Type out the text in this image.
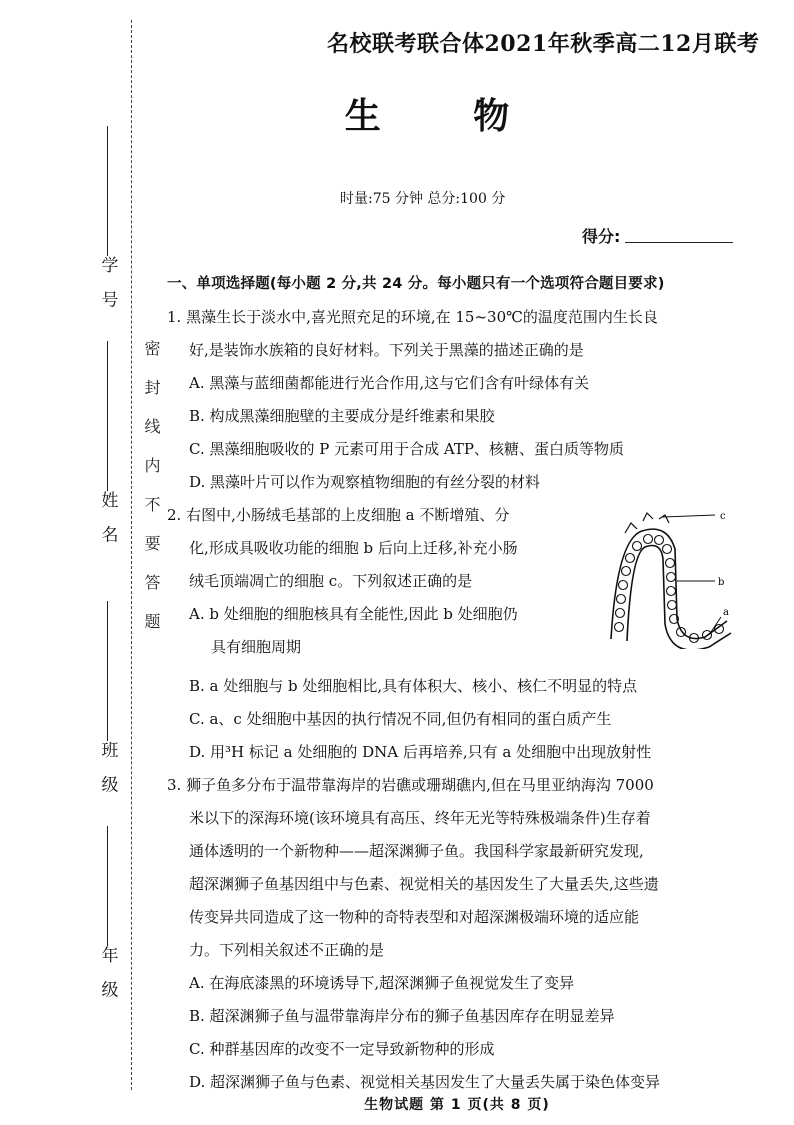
学 号
姓 名
班 级
年 级
密封线内不要答题
名校联考联合体2021年秋季高二12月联考
生 物
时量:75 分钟 总分:100 分
得分:
一、单项选择题(每小题 2 分,共 24 分。每小题只有一个选项符合题目要求)
1. 黑藻生长于淡水中,喜光照充足的环境,在 15~30℃的温度范围内生长良
好,是装饰水族箱的良好材料。下列关于黑藻的描述正确的是
A. 黑藻与蓝细菌都能进行光合作用,这与它们含有叶绿体有关
B. 构成黑藻细胞壁的主要成分是纤维素和果胶
C. 黑藻细胞吸收的 P 元素可用于合成 ATP、核糖、蛋白质等物质
D. 黑藻叶片可以作为观察植物细胞的有丝分裂的材料
2. 右图中,小肠绒毛基部的上皮细胞 a 不断增殖、分
化,形成具吸收功能的细胞 b 后向上迁移,补充小肠
绒毛顶端凋亡的细胞 c。下列叙述正确的是
A. b 处细胞的细胞核具有全能性,因此 b 处细胞仍
具有细胞周期
c
b
a
B. a 处细胞与 b 处细胞相比,具有体积大、核小、核仁不明显的特点
C. a、c 处细胞中基因的执行情况不同,但仍有相同的蛋白质产生
D. 用³H 标记 a 处细胞的 DNA 后再培养,只有 a 处细胞中出现放射性
3. 狮子鱼多分布于温带靠海岸的岩礁或珊瑚礁内,但在马里亚纳海沟 7000
米以下的深海环境(该环境具有高压、终年无光等特殊极端条件)生存着
通体透明的一个新物种——超深渊狮子鱼。我国科学家最新研究发现,
超深渊狮子鱼基因组中与色素、视觉相关的基因发生了大量丢失,这些遗
传变异共同造成了这一物种的奇特表型和对超深渊极端环境的适应能
力。下列相关叙述不正确的是
A. 在海底漆黑的环境诱导下,超深渊狮子鱼视觉发生了变异
B. 超深渊狮子鱼与温带靠海岸分布的狮子鱼基因库存在明显差异
C. 种群基因库的改变不一定导致新物种的形成
D. 超深渊狮子鱼与色素、视觉相关基因发生了大量丢失属于染色体变异
生物试题 第 1 页(共 8 页)
